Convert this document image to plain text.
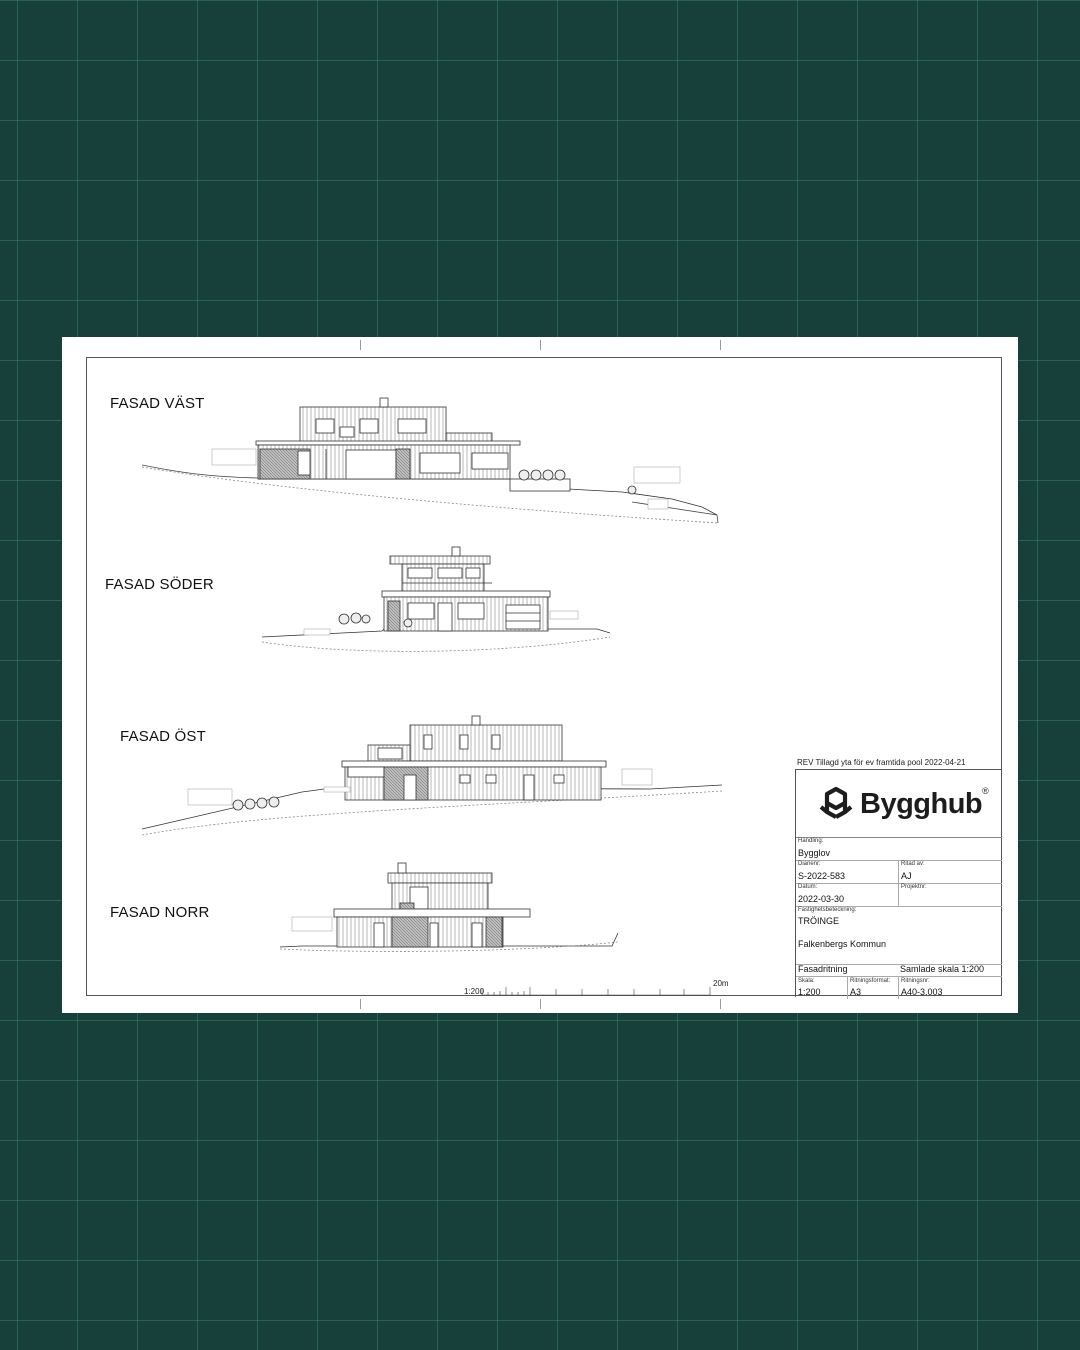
FASAD VÄST
FASAD SÖDER
FASAD ÖST
FASAD NORR
1:200
20m
REV Tillagd yta för ev framtida pool 2022-04-21
Bygghub ®
Handling:
Bygglov
Diarienr:
S-2022-583
Ritad av:
AJ
Datum:
2022-03-30
Projektnr:
Fastighetsbeteckning:
TRÖINGE
Falkenbergs Kommun
Fasadritning	Samlade skala 1:200
Skala:
1:200
Ritningsformat:
A3
Ritningsnr:
A40-3.003
